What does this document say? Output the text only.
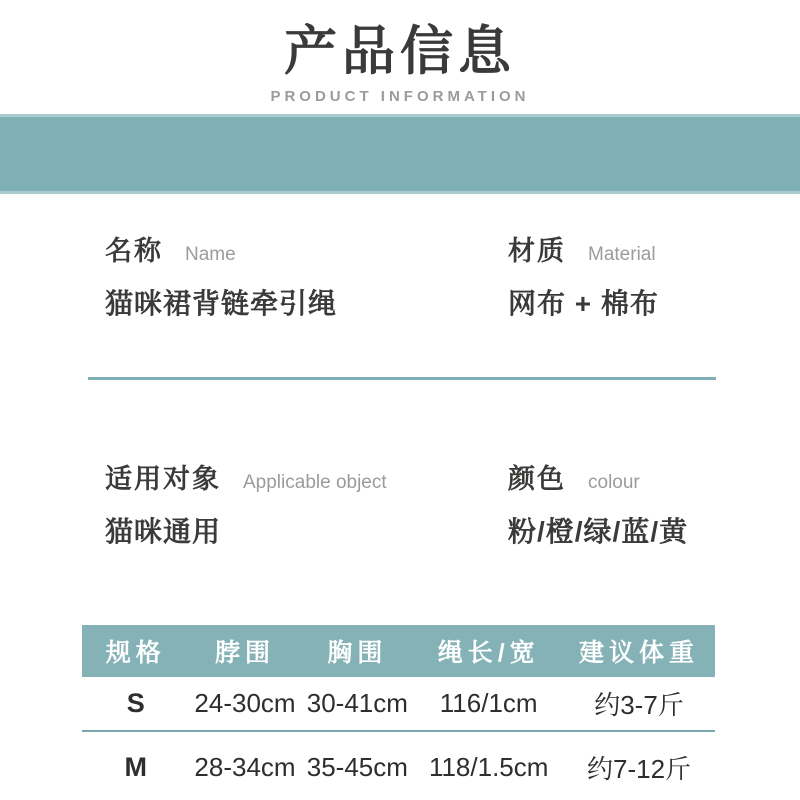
产品信息
PRODUCT INFORMATION
名称 Name
猫咪裙背链牵引绳
材质 Material
网布 + 棉布
适用对象 Applicable object
猫咪通用
颜色 colour
粉/橙/绿/蓝/黄
规格	脖围	胸围	绳长/宽	建议体重
S	24-30cm 30-41cm	116/1cm	约3-7斤
M	28-34cm 35-45cm 118/1.5cm	约7-12斤
